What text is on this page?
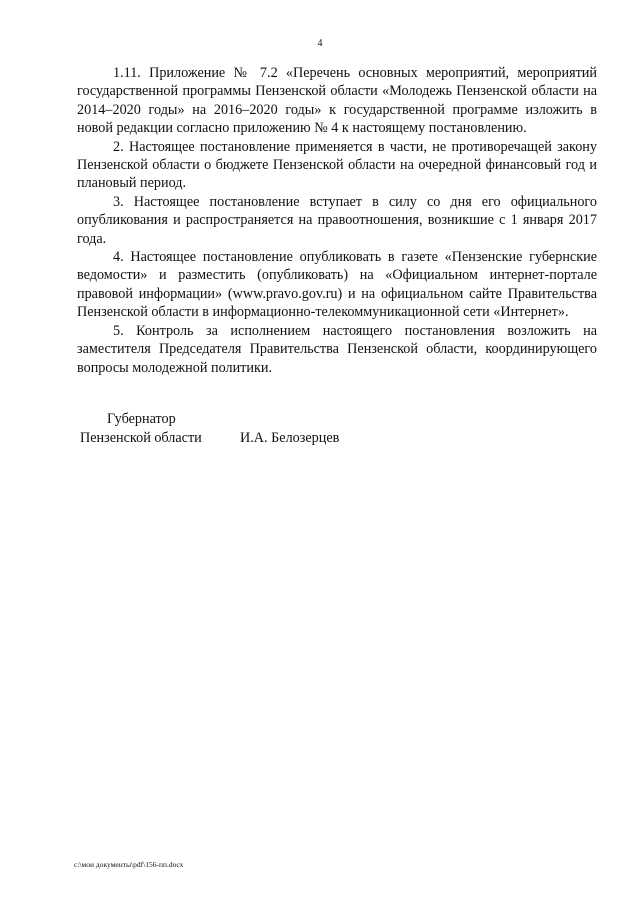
4

1.11. Приложение № 7.2 «Перечень основных мероприятий, мероприятий государственной программы Пензенской области «Молодежь Пензенской области на 2014–2020 годы» на 2016–2020 годы» к государственной программе изложить в новой редакции согласно приложению № 4 к настоящему постановлению.

2. Настоящее постановление применяется в части, не противоречащей закону Пензенской области о бюджете Пензенской области на очередной финансовый год и плановый период.

3. Настоящее постановление вступает в силу со дня его официального опубликования и распространяется на правоотношения, возникшие с 1 января 2017 года.

4. Настоящее постановление опубликовать в газете «Пензенские губернские ведомости» и разместить (опубликовать) на «Официальном интернет-портале правовой информации» (www.pravo.gov.ru) и на официальном сайте Правительства Пензенской области в информационно-телекоммуникационной сети «Интернет».

5. Контроль за исполнением настоящего постановления возложить на заместителя Председателя Правительства Пензенской области, координирующего вопросы молодежной политики.

Губернатор
Пензенской области	И.А. Белозерцев
c:\мои документы\pdf\156-пп.docx
